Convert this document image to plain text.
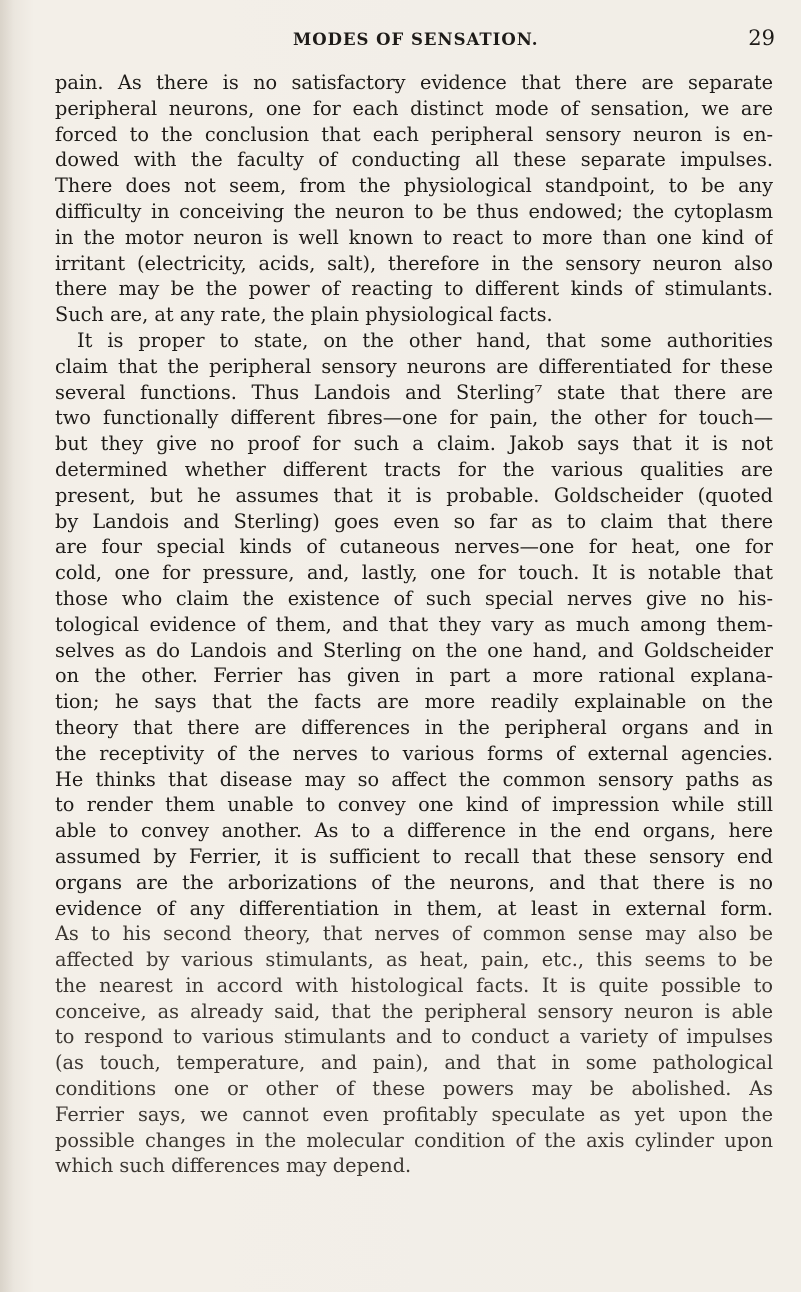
MODES OF SENSATION.	29
pain. As there is no satisfactory evidence that there are separate
peripheral neurons, one for each distinct mode of sensation, we are
forced to the conclusion that each peripheral sensory neuron is en-
dowed with the faculty of conducting all these separate impulses.
There does not seem, from the physiological standpoint, to be any
difficulty in conceiving the neuron to be thus endowed; the cytoplasm
in the motor neuron is well known to react to more than one kind of
irritant (electricity, acids, salt), therefore in the sensory neuron also
there may be the power of reacting to different kinds of stimulants.
Such are, at any rate, the plain physiological facts.
It is proper to state, on the other hand, that some authorities
claim that the peripheral sensory neurons are differentiated for these
several functions. Thus Landois and Sterling⁷ state that there are
two functionally different fibres—one for pain, the other for touch—
but they give no proof for such a claim. Jakob says that it is not
determined whether different tracts for the various qualities are
present, but he assumes that it is probable. Goldscheider (quoted
by Landois and Sterling) goes even so far as to claim that there
are four special kinds of cutaneous nerves—one for heat, one for
cold, one for pressure, and, lastly, one for touch. It is notable that
those who claim the existence of such special nerves give no his-
tological evidence of them, and that they vary as much among them-
selves as do Landois and Sterling on the one hand, and Goldscheider
on the other. Ferrier has given in part a more rational explana-
tion; he says that the facts are more readily explainable on the
theory that there are differences in the peripheral organs and in
the receptivity of the nerves to various forms of external agencies.
He thinks that disease may so affect the common sensory paths as
to render them unable to convey one kind of impression while still
able to convey another. As to a difference in the end organs, here
assumed by Ferrier, it is sufficient to recall that these sensory end
organs are the arborizations of the neurons, and that there is no
evidence of any differentiation in them, at least in external form.
As to his second theory, that nerves of common sense may also be
affected by various stimulants, as heat, pain, etc., this seems to be
the nearest in accord with histological facts. It is quite possible to
conceive, as already said, that the peripheral sensory neuron is able
to respond to various stimulants and to conduct a variety of impulses
(as touch, temperature, and pain), and that in some pathological
conditions one or other of these powers may be abolished. As
Ferrier says, we cannot even profitably speculate as yet upon the
possible changes in the molecular condition of the axis cylinder upon
which such differences may depend.
